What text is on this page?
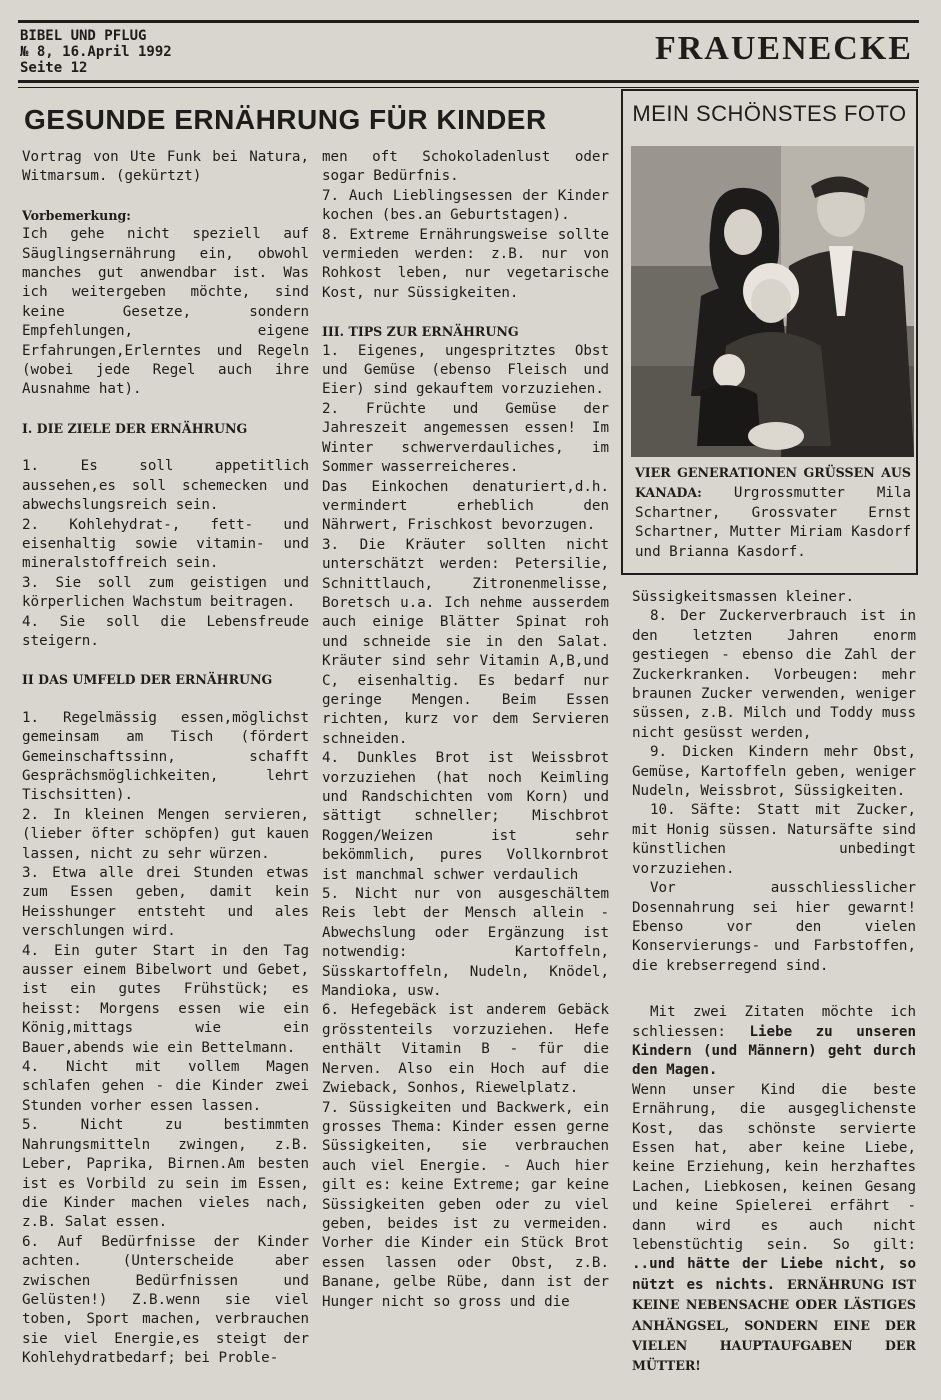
BIBEL UND PFLUG
№ 8, 16.April 1992
Seite 12
FRAUENECKE
GESUNDE ERNÄHRUNG FÜR KINDER

Vortrag von Ute Funk bei Natura, Witmarsum. (gekürtzt)

Vorbemerkung:

Ich gehe nicht speziell auf Säuglingsernährung ein, obwohl manches gut anwendbar ist. Was ich weitergeben möchte, sind keine Gesetze, sondern Empfehlungen, eigene Erfahrungen,Erlerntes und Regeln (wobei jede Regel auch ihre Ausnahme hat).

I. DIE ZIELE DER ERNÄHRUNG

1. Es soll appetitlich aussehen,es soll schemecken und abwechslungsreich sein.

2. Kohlehydrat-, fett- und eisenhaltig sowie vitamin- und mineralstoffreich sein.

3. Sie soll zum geistigen und körperlichen Wachstum beitragen.

4. Sie soll die Lebensfreude steigern.

II DAS UMFELD DER ERNÄHRUNG

1. Regelmässig essen,möglichst gemeinsam am Tisch (fördert Gemeinschaftssinn, schafft Gesprächsmöglichkeiten, lehrt Tischsitten).

2. In kleinen Mengen servieren, (lieber öfter schöpfen) gut kauen lassen, nicht zu sehr würzen.

3. Etwa alle drei Stunden etwas zum Essen geben, damit kein Heisshunger entsteht und ales verschlungen wird.

4. Ein guter Start in den Tag ausser einem Bibelwort und Gebet, ist ein gutes Frühstück; es heisst: Morgens essen wie ein König,mittags wie ein Bauer,abends wie ein Bettelmann.

4. Nicht mit vollem Magen schlafen gehen - die Kinder zwei Stunden vorher essen lassen.

5. Nicht zu bestimmten Nahrungsmitteln zwingen, z.B. Leber, Paprika, Birnen.Am besten ist es Vorbild zu sein im Essen, die Kinder machen vieles nach, z.B. Salat essen.

6. Auf Bedürfnisse der Kinder achten. (Unterscheide aber zwischen Bedürfnissen und Gelüsten!) Z.B.wenn sie viel toben, Sport machen, verbrauchen sie viel Energie,es steigt der Kohlehydratbedarf; bei Proble-

men oft Schokoladenlust oder sogar Bedürfnis.

7. Auch Lieblingsessen der Kinder kochen (bes.an Geburtstagen).

8. Extreme Ernährungsweise sollte vermieden werden: z.B. nur von Rohkost leben, nur vegetarische Kost, nur Süssigkeiten.

III. TIPS ZUR ERNÄHRUNG

1. Eigenes, ungespritztes Obst und Gemüse (ebenso Fleisch und Eier) sind gekauftem vorzuziehen.

2. Früchte und Gemüse der Jahreszeit angemessen essen! Im Winter schwerverdauliches, im Sommer wasserreicheres.

Das Einkochen denaturiert,d.h. vermindert erheblich den Nährwert, Frischkost bevorzugen.

3. Die Kräuter sollten nicht unterschätzt werden: Petersilie, Schnittlauch, Zitronenmelisse, Boretsch u.a. Ich nehme ausserdem auch einige Blätter Spinat roh und schneide sie in den Salat. Kräuter sind sehr Vitamin A,B,und C, eisenhaltig. Es bedarf nur geringe Mengen. Beim Essen richten, kurz vor dem Servieren schneiden.

4. Dunkles Brot ist Weissbrot vorzuziehen (hat noch Keimling und Randschichten vom Korn) und sättigt schneller; Mischbrot Roggen/Weizen ist sehr bekömmlich, pures Vollkornbrot ist manchmal schwer verdaulich

5. Nicht nur von ausgeschältem Reis lebt der Mensch allein - Abwechslung oder Ergänzung ist notwendig: Kartoffeln, Süsskartoffeln, Nudeln, Knödel, Mandioka, usw.

6. Hefegebäck ist anderem Gebäck grösstenteils vorzuziehen. Hefe enthält Vitamin B - für die Nerven. Also ein Hoch auf die Zwieback, Sonhos, Riewelplatz.

7. Süssigkeiten und Backwerk, ein grosses Thema: Kinder essen gerne Süssigkeiten, sie verbrauchen auch viel Energie. - Auch hier gilt es: keine Extreme; gar keine Süssigkeiten geben oder zu viel geben, beides ist zu vermeiden. Vorher die Kinder ein Stück Brot essen lassen oder Obst, z.B. Banane, gelbe Rübe, dann ist der Hunger nicht so gross und die

MEIN SCHÖNSTES FOTO
VIER GENERATIONEN GRÜSSEN AUS KANADA: Urgrossmutter Mila Schartner, Grossvater Ernst Schartner, Mutter Miriam Kasdorf und Brianna Kasdorf.

Süssigkeitsmassen kleiner.

8. Der Zuckerverbrauch ist in den letzten Jahren enorm gestiegen - ebenso die Zahl der Zuckerkranken. Vorbeugen: mehr braunen Zucker verwenden, weniger süssen, z.B. Milch und Toddy muss nicht gesüsst werden,

9. Dicken Kindern mehr Obst, Gemüse, Kartoffeln geben, weniger Nudeln, Weissbrot, Süssigkeiten.

10. Säfte: Statt mit Zucker, mit Honig süssen. Natursäfte sind künstlichen unbedingt vorzuziehen.

Vor ausschliesslicher Dosennahrung sei hier gewarnt! Ebenso vor den vielen Konservierungs- und Farbstoffen, die krebserregend sind.

Mit zwei Zitaten möchte ich schliessen: Liebe zu unseren Kindern (und Männern) geht durch den Magen.

Wenn unser Kind die beste Ernährung, die ausgeglichenste Kost, das schönste servierte Essen hat, aber keine Liebe, keine Erziehung, kein herzhaftes Lachen, Liebkosen, keinen Gesang und keine Spielerei erfährt - dann wird es auch nicht lebenstüchtig sein. So gilt: ..und hätte der Liebe nicht, so nützt es nichts. ERNÄHRUNG IST KEINE NEBENSACHE ODER LÄSTIGES ANHÄNGSEL, SONDERN EINE DER VIELEN HAUPTAUFGABEN DER MÜTTER!
